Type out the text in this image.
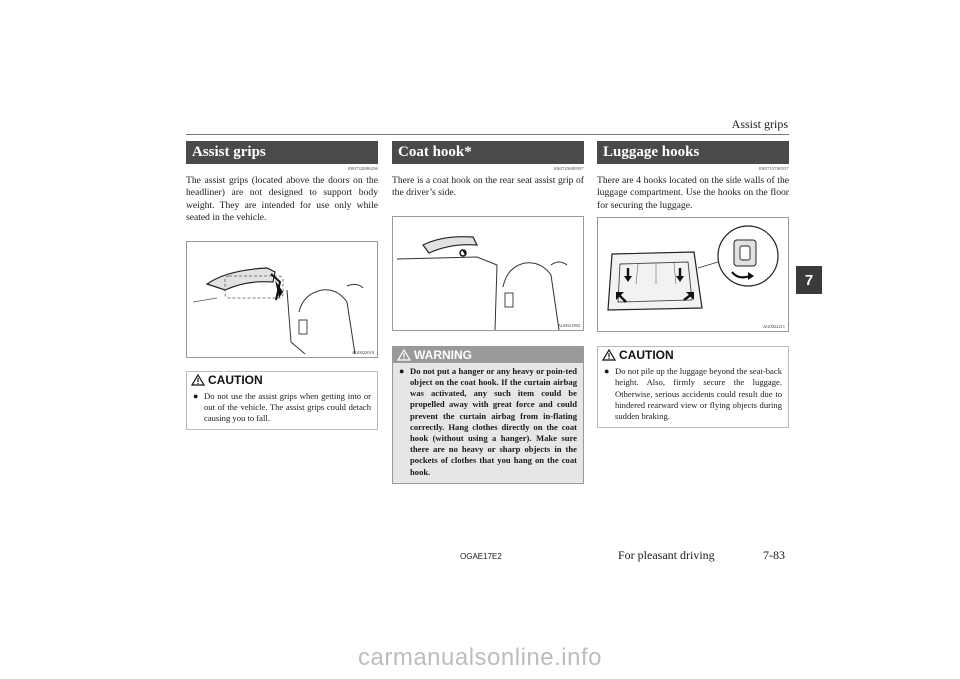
Assist grips
7
Assist grips
E00732800256
The assist grips (located above the doors on the headliner) are not designed to support body weight. They are intended for use only while seated in the vehicle.
AG0022019
CAUTION
● Do not use the assist grips when getting into or out of the vehicle. The assist grips could detach causing you to fall.
Coat hook*
E00725600597
There is a coat hook on the rear seat assist grip of the driver’s side.
AG0021982
WARNING
● Do not put a hanger or any heavy or poin-ted object on the coat hook. If the curtain airbag was activated, any such item could be propelled away with great force and could prevent the curtain airbag from in-flating correctly. Hang clothes directly on the coat hook (without using a hanger). Make sure there are no heavy or sharp objects in the pockets of clothes that you hang on the coat hook.
Luggage hooks
E00715700537
There are 4 hooks located on the side walls of the luggage compartment. Use the hooks on the floor for securing the luggage.
AG0022211
CAUTION
● Do not pile up the luggage beyond the seat-back height. Also, firmly secure the luggage. Otherwise, serious accidents could result due to hindered rearward view or flying objects during sudden braking.
OGAE17E2	For pleasant driving	7-83
carmanualsonline.info
